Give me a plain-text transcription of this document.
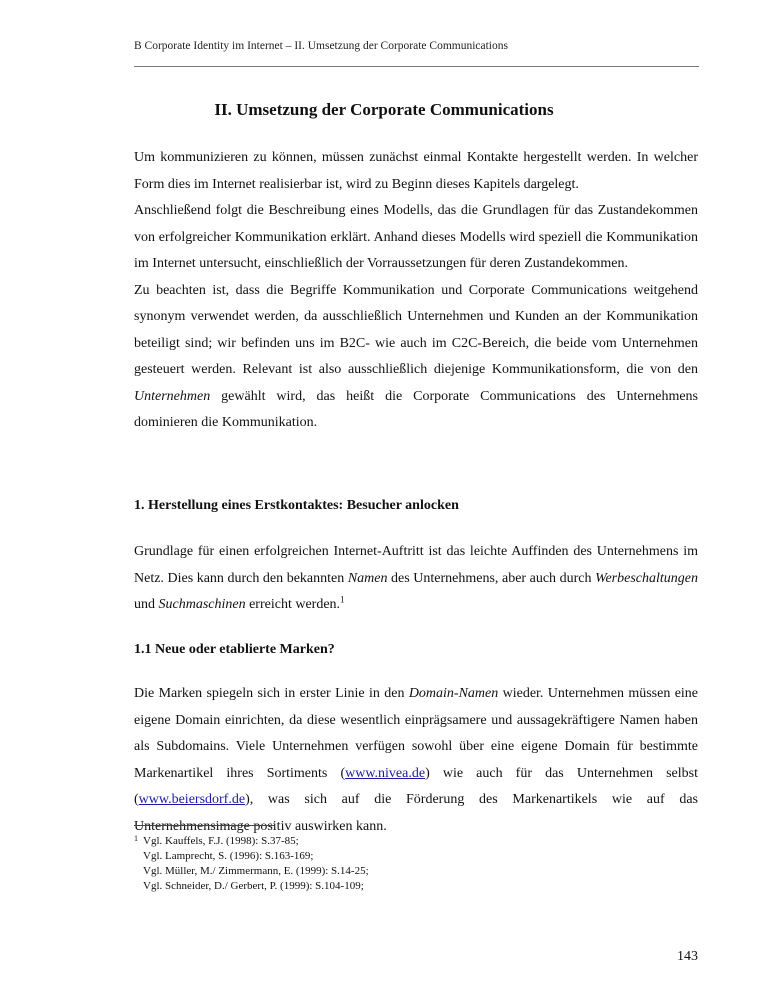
B Corporate Identity im Internet – II. Umsetzung der Corporate Communications
II. Umsetzung der Corporate Communications

Um kommunizieren zu können, müssen zunächst einmal Kontakte hergestellt werden. In welcher Form dies im Internet realisierbar ist, wird zu Beginn dieses Kapitels dargelegt.

Anschließend folgt die Beschreibung eines Modells, das die Grundlagen für das Zustandekommen von erfolgreicher Kommunikation erklärt. Anhand dieses Modells wird speziell die Kommunikation im Internet untersucht, einschließlich der Vorraussetzungen für deren Zustandekommen.

Zu beachten ist, dass die Begriffe Kommunikation und Corporate Communications weitgehend synonym verwendet werden, da ausschließlich Unternehmen und Kunden an der Kommunikation beteiligt sind; wir befinden uns im B2C- wie auch im C2C-Bereich, die beide vom Unternehmen gesteuert werden. Relevant ist also ausschließlich diejenige Kommunikationsform, die von den Unternehmen gewählt wird, das heißt die Corporate Communications des Unternehmens dominieren die Kommunikation.

1. Herstellung eines Erstkontaktes: Besucher anlocken

Grundlage für einen erfolgreichen Internet-Auftritt ist das leichte Auffinden des Unternehmens im Netz. Dies kann durch den bekannten Namen des Unternehmens, aber auch durch Werbeschaltungen und Suchmaschinen erreicht werden.$^1$

1.1 Neue oder etablierte Marken?

Die Marken spiegeln sich in erster Linie in den Domain-Namen wieder. Unternehmen müssen eine eigene Domain einrichten, da diese wesentlich einprägsamere und aussagekräftigere Namen haben als Subdomains. Viele Unternehmen verfügen sowohl über eine eigene Domain für bestimmte Markenartikel ihres Sortiments (www.nivea.de) wie auch für das Unternehmen selbst (www.beiersdorf.de), was sich auf die Förderung des Markenartikels wie auf das Unternehmensimage positiv auswirken kann.

1 Vgl. Kauffels, F.J. (1998): S.37-85;
Vgl. Lamprecht, S. (1996): S.163-169;
Vgl. Müller, M./ Zimmermann, E. (1999): S.14-25;
Vgl. Schneider, D./ Gerbert, P. (1999): S.104-109;
143
